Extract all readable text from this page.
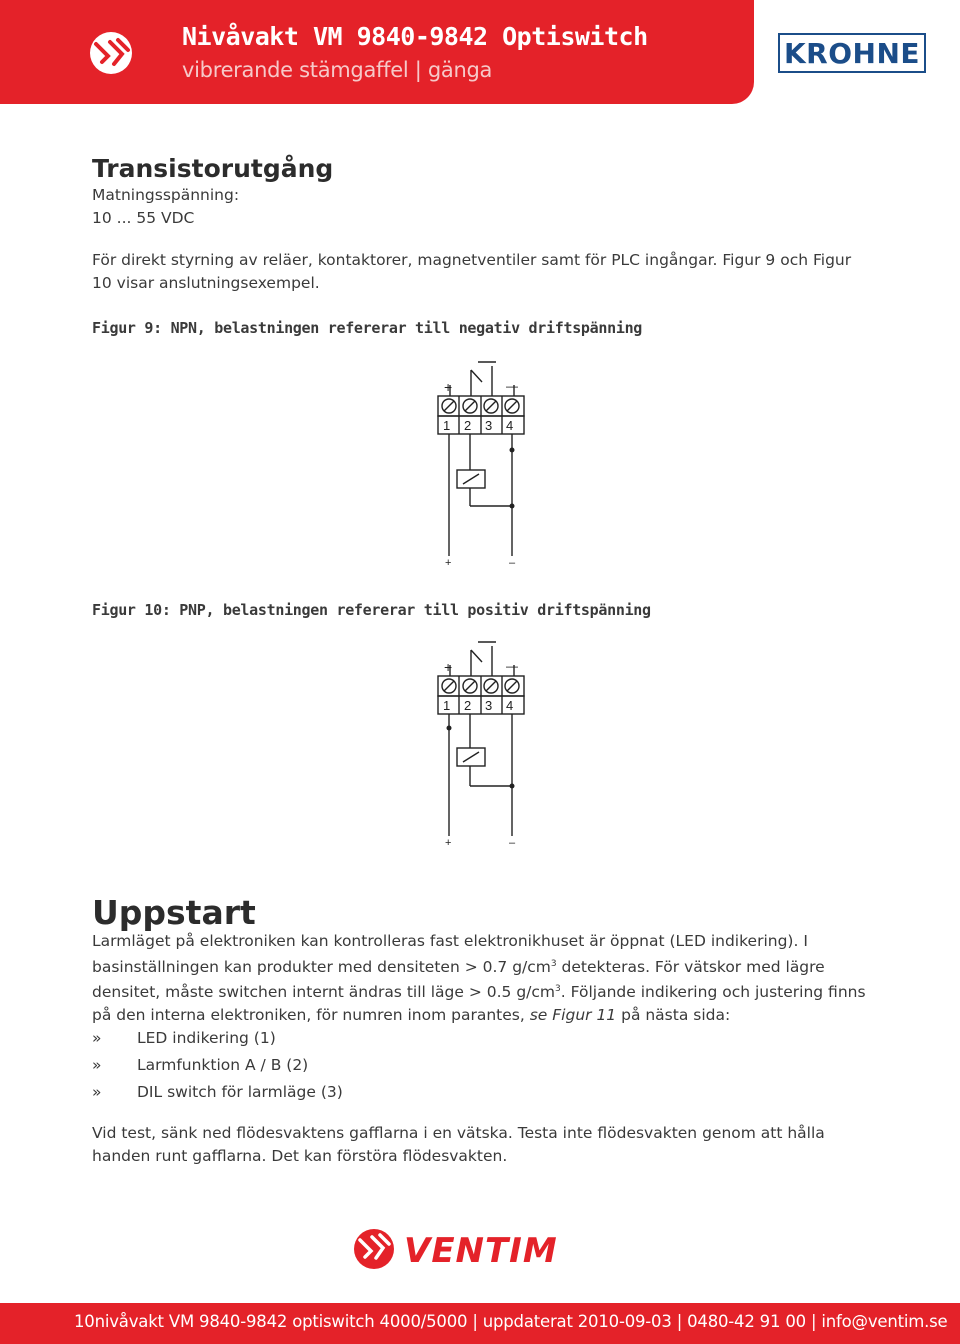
Nivåvakt VM 9840-9842 Optiswitch
vibrerande stämgaffel | gänga
KROHNE
Transistorutgång
Matningsspänning:
10 ... 55 VDC
För direkt styrning av reläer, kontaktorer, magnetventiler samt för PLC ingångar. Figur 9 och Figur 10 visar anslutningsexempel.
Figur 9: NPN, belastningen refererar till negativ driftspänning
+	—
1 2 3 4
+	–
Figur 10: PNP, belastningen refererar till positiv driftspänning
+	—
1 2 3 4
+	–
Uppstart
Larmläget på elektroniken kan kontrolleras fast elektronikhuset är öppnat (LED indikering). I basinställningen kan produkter med densiteten > 0.7 $g/cm^3$ detekteras. För vätskor med lägre densitet, måste switchen internt ändras till läge > 0.5 $g/cm^3$. Följande indikering och justering finns på den interna elektroniken, för numren inom parantes, se Figur 11 på nästa sida:
»	LED indikering (1)
»	Larmfunktion A / B (2)
»	DIL switch för larmläge (3)
Vid test, sänk ned flödesvaktens gafflarna i en vätska. Testa inte flödesvakten genom att hålla handen runt gafflarna. Det kan förstöra flödesvakten.
VENTIM
10nivåvakt VM 9840-9842 optiswitch 4000/5000 | uppdaterat 2010-09-03 | 0480-42 91 00 | info@ventim.se
